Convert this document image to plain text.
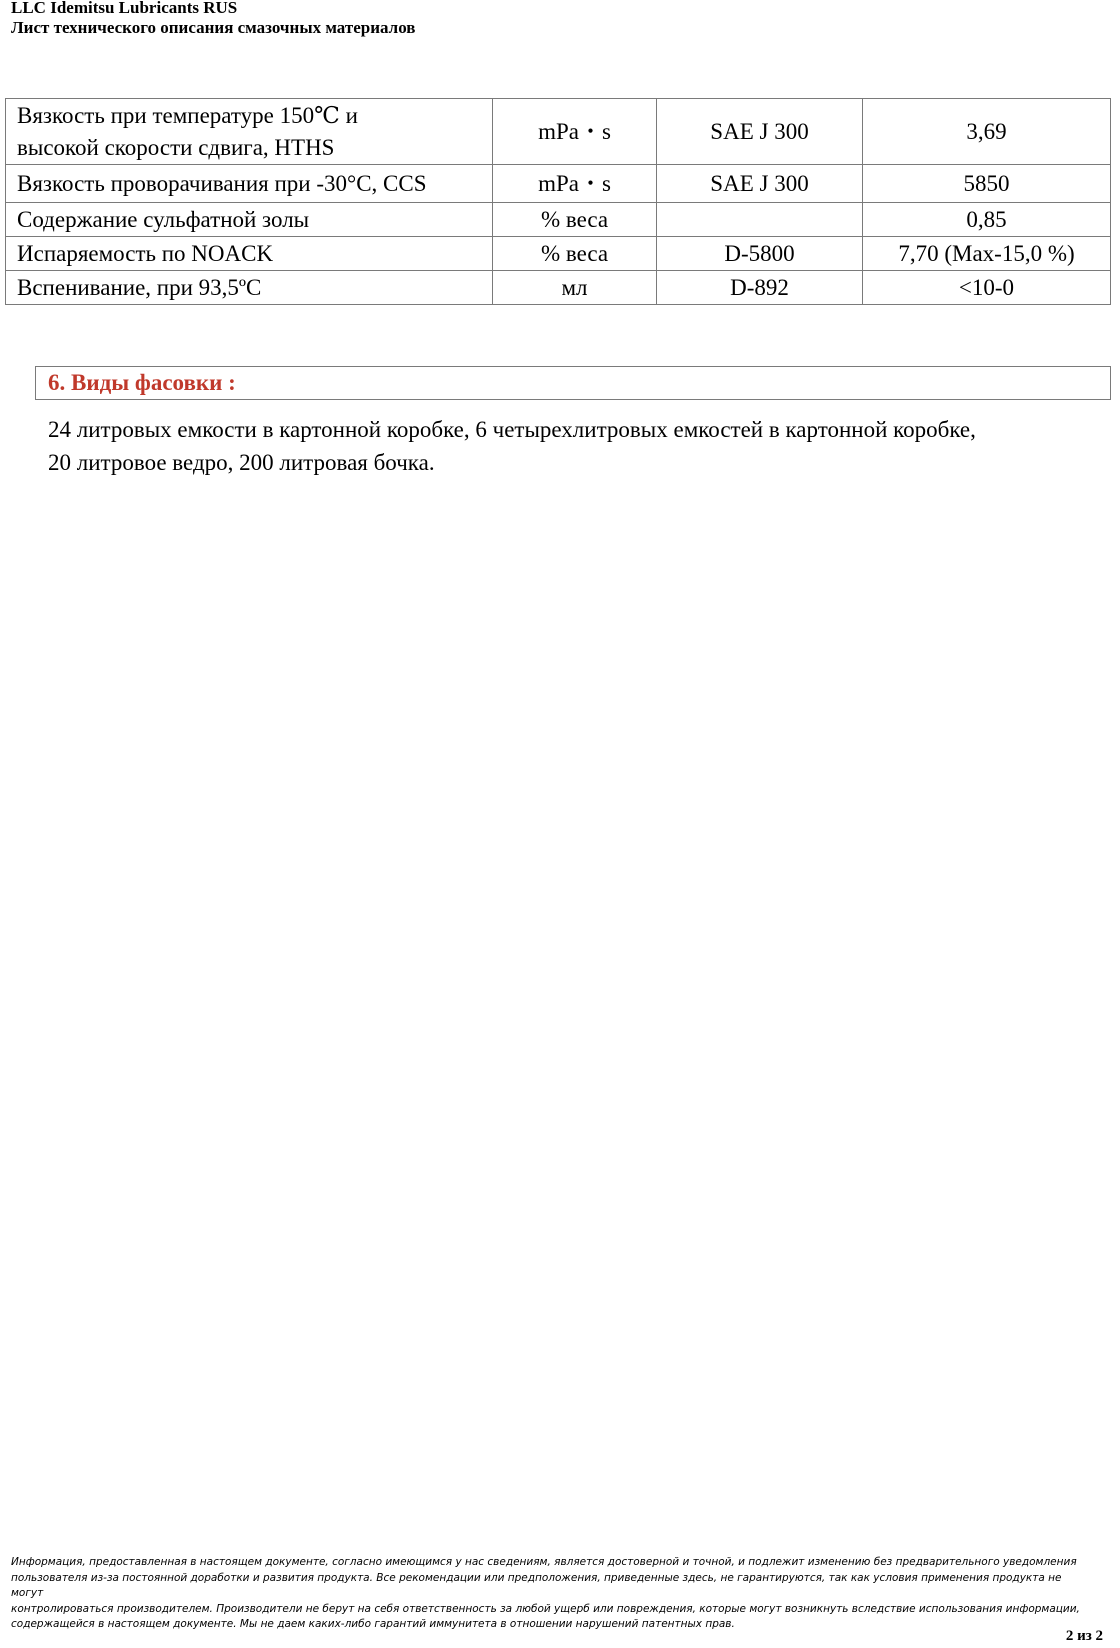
LLC Idemitsu Lubricants RUS
Лист технического описания смазочных материалов
Вязкость при температуре 150℃ и
высокой скорости сдвига, HTHS	mPa・s	SAE J 300	3,69
Вязкость проворачивания при -30°C, CCS	mPa・s	SAE J 300	5850
Содержание сульфатной золы	% веса		0,85
Испаряемость по NOACK	% веса	D-5800	7,70 (Max-15,0 %)
Вспенивание, при 93,5ºC	мл	D-892	<10-0
6. Виды фасовки :
24 литровых емкости в картонной коробке, 6 четырехлитровых емкостей в картонной коробке,
20 литровое ведро, 200 литровая бочка.
Информация, предоставленная в настоящем документе, согласно имеющимся у нас сведениям, является достоверной и точной, и подлежит изменению без предварительного уведомления
пользователя из-за постоянной доработки и развития продукта. Все рекомендации или предположения, приведенные здесь, не гарантируются, так как условия применения продукта не могут
контролироваться производителем. Производители не берут на себя ответственность за любой ущерб или повреждения, которые могут возникнуть вследствие использования информации,
содержащейся в настоящем документе. Мы не даем каких-либо гарантий иммунитета в отношении нарушений патентных прав.
2 из 2
